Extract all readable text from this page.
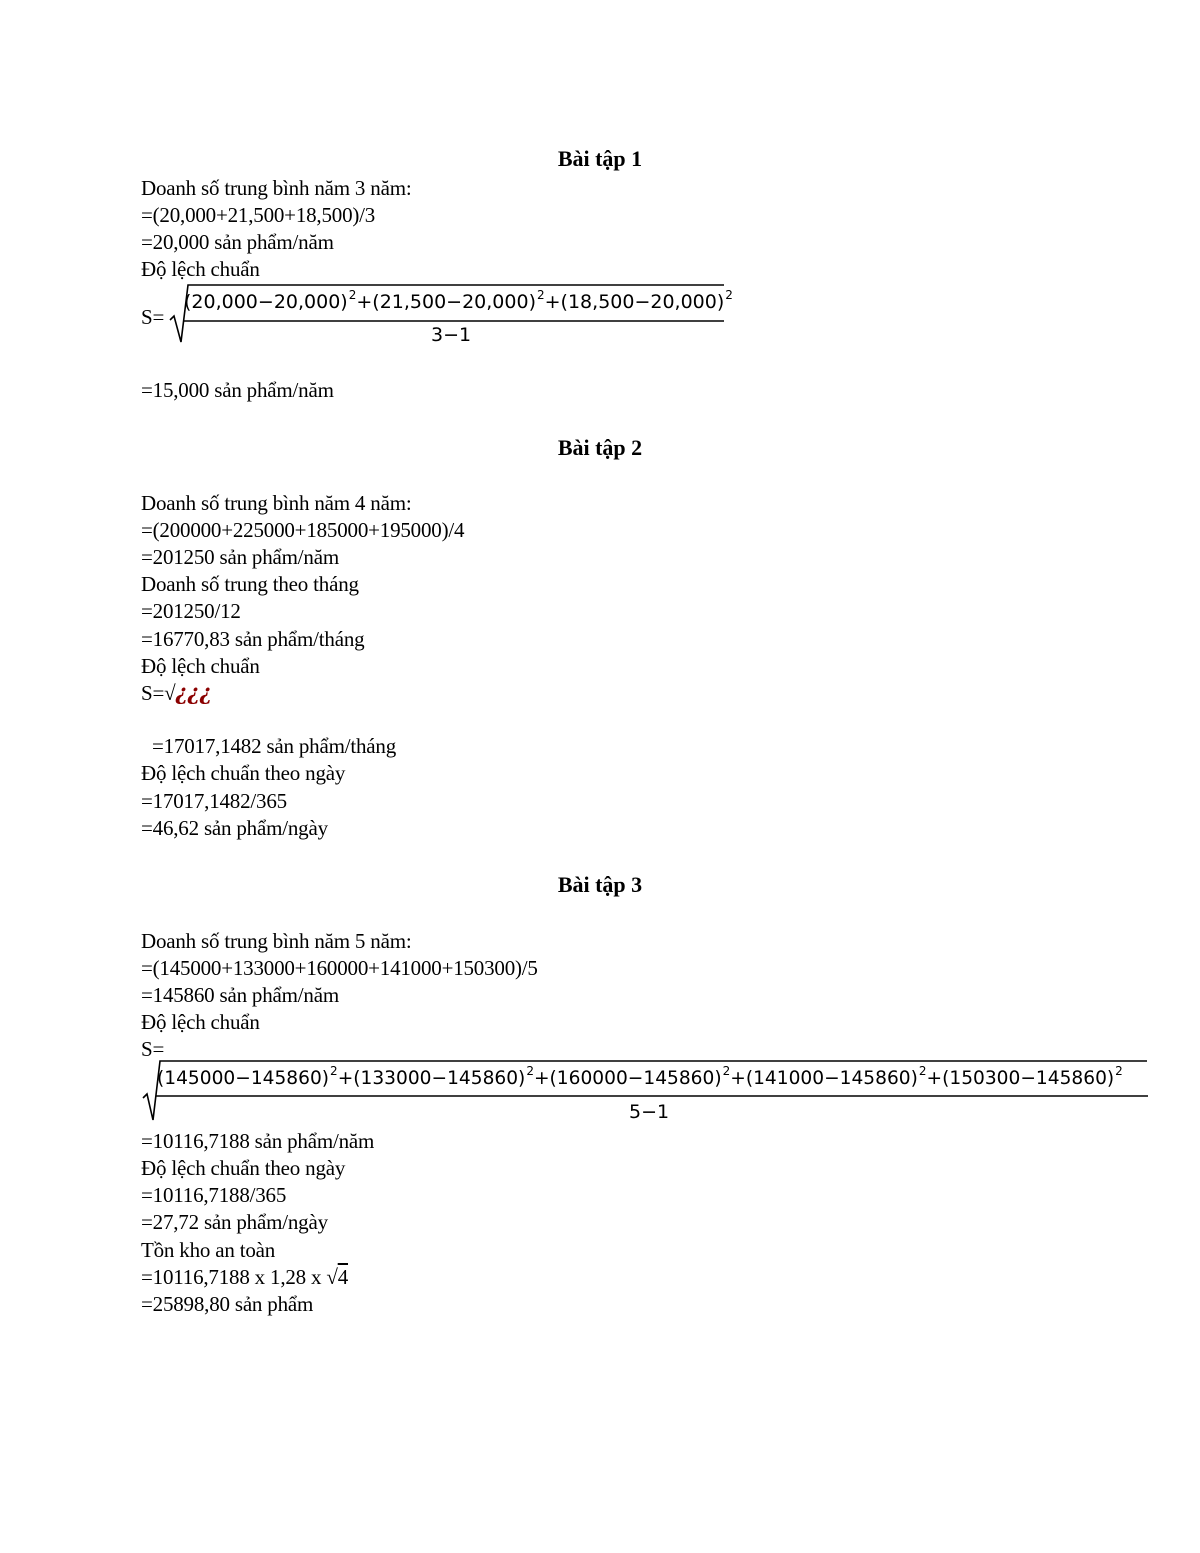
Bài tập 1
Doanh số trung bình năm 3 năm:
=(20,000+21,500+18,500)/3
=20,000 sản phẩm/năm
Độ lệch chuẩn
S=
$(20,000-20,000)^2+(21,500-20,000)^2+(18,500-20,000)^2$
3−1
=15,000 sản phẩm/năm
Bài tập 2
Doanh số trung bình năm 4 năm:
=(200000+225000+185000+195000)/4
=201250 sản phẩm/năm
Doanh số trung theo tháng
=201250/12
=16770,83 sản phẩm/tháng
Độ lệch chuẩn
S=√¿¿¿
=17017,1482 sản phẩm/tháng
Độ lệch chuẩn theo ngày
=17017,1482/365
=46,62 sản phẩm/ngày
Bài tập 3
Doanh số trung bình năm 5 năm:
=(145000+133000+160000+141000+150300)/5
=145860 sản phẩm/năm
Độ lệch chuẩn
S=
$(145000-145860)^2+(133000-145860)^2+(160000-145860)^2+(141000-145860)^2+(150300-145860)^2$
5−1
=10116,7188 sản phẩm/năm
Độ lệch chuẩn theo ngày
=10116,7188/365
=27,72 sản phẩm/ngày
Tồn kho an toàn
=10116,7188 x 1,28 x √4
=25898,80 sản phẩm
